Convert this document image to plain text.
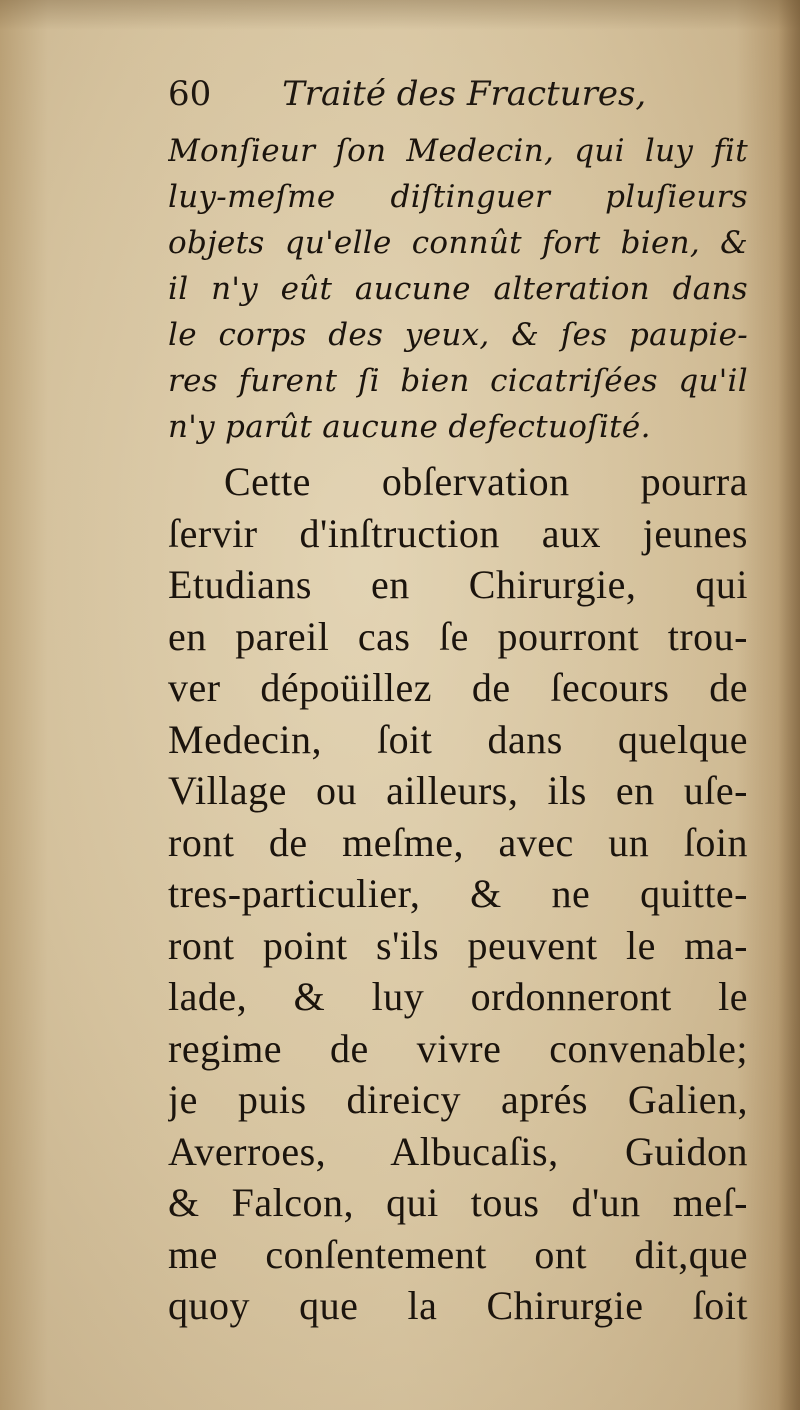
60 Traité des Fractures,
Monſieur ſon Medecin, qui luy fit
luy-meſme diſtinguer pluſieurs
objets qu'elle connût fort bien, &
il n'y eût aucune alteration dans
le corps des yeux, & ſes paupie-
res furent ſi bien cicatriſées qu'il
n'y parût aucune defectuoſité.
Cette obſervation pourra
ſervir d'inſtruction aux jeunes
Etudians en Chirurgie, qui
en pareil cas ſe pourront trou-
ver dépoüillez de ſecours de
Medecin, ſoit dans quelque
Village ou ailleurs, ils en uſe-
ront de meſme, avec un ſoin
tres-particulier, & ne quitte-
ront point s'ils peuvent le ma-
lade, & luy ordonneront le
regime de vivre convenable;
je puis direicy aprés Galien,
Averroes, Albucaſis, Guidon
& Falcon, qui tous d'un meſ-
me conſentement ont dit,que
quoy que la Chirurgie ſoit
